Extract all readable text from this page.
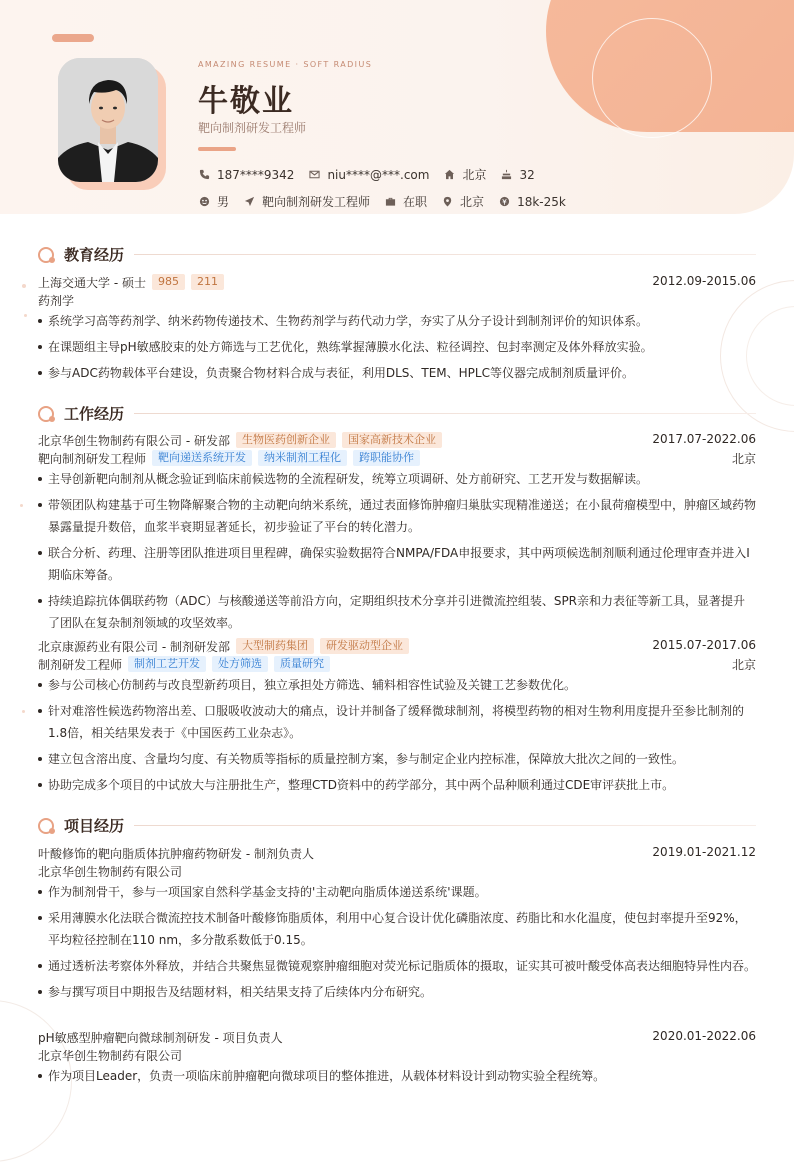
AMAZING RESUME · SOFT RADIUS
牛敬业
靶向制剂研发工程师
187****9342	niu****@***.com	北京	32
男	靶向制剂研发工程师	在职	北京	18k-25k
教育经历
上海交通大学 - 硕士	985	211	2012.09-2015.06
药剂学
系统学习高等药剂学、纳米药物传递技术、生物药剂学与药代动力学，夯实了从分子设计到制剂评价的知识体系。
在课题组主导pH敏感胶束的处方筛选与工艺优化，熟练掌握薄膜水化法、粒径调控、包封率测定及体外释放实验。
参与ADC药物载体平台建设，负责聚合物材料合成与表征，利用DLS、TEM、HPLC等仪器完成制剂质量评价。
工作经历
北京华创生物制药有限公司 - 研发部	生物医药创新企业	国家高新技术企业	2017.07-2022.06
靶向制剂研发工程师	靶向递送系统开发	纳米制剂工程化	跨职能协作	北京
主导创新靶向制剂从概念验证到临床前候选物的全流程研发，统筹立项调研、处方前研究、工艺开发与数据解读。
带领团队构建基于可生物降解聚合物的主动靶向纳米系统，通过表面修饰肿瘤归巢肽实现精准递送；在小鼠荷瘤模型中，肿瘤区域药物暴露量提升数倍，血浆半衰期显著延长，初步验证了平台的转化潜力。
联合分析、药理、注册等团队推进项目里程碑，确保实验数据符合NMPA/FDA申报要求，其中两项候选制剂顺利通过伦理审查并进入I期临床筹备。
持续追踪抗体偶联药物（ADC）与核酸递送等前沿方向，定期组织技术分享并引进微流控组装、SPR亲和力表征等新工具，显著提升了团队在复杂制剂领域的攻坚效率。
北京康源药业有限公司 - 制剂研发部	大型制药集团	研发驱动型企业	2015.07-2017.06
制剂研发工程师	制剂工艺开发	处方筛选	质量研究	北京
参与公司核心仿制药与改良型新药项目，独立承担处方筛选、辅料相容性试验及关键工艺参数优化。
针对难溶性候选药物溶出差、口服吸收波动大的痛点，设计并制备了缓释微球制剂，将模型药物的相对生物利用度提升至参比制剂的1.8倍，相关结果发表于《中国医药工业杂志》。
建立包含溶出度、含量均匀度、有关物质等指标的质量控制方案，参与制定企业内控标准，保障放大批次之间的一致性。
协助完成多个项目的中试放大与注册批生产，整理CTD资料中的药学部分，其中两个品种顺利通过CDE审评获批上市。
项目经历
叶酸修饰的靶向脂质体抗肿瘤药物研发 - 制剂负责人	2019.01-2021.12
北京华创生物制药有限公司
作为制剂骨干，参与一项国家自然科学基金支持的'主动靶向脂质体递送系统'课题。
采用薄膜水化法联合微流控技术制备叶酸修饰脂质体，利用中心复合设计优化磷脂浓度、药脂比和水化温度，使包封率提升至92%，平均粒径控制在110 nm，多分散系数低于0.15。
通过透析法考察体外释放，并结合共聚焦显微镜观察肿瘤细胞对荧光标记脂质体的摄取，证实其可被叶酸受体高表达细胞特异性内吞。
参与撰写项目中期报告及结题材料，相关结果支持了后续体内分布研究。
pH敏感型肿瘤靶向微球制剂研发 - 项目负责人	2020.01-2022.06
北京华创生物制药有限公司
作为项目Leader，负责一项临床前肿瘤靶向微球项目的整体推进，从载体材料设计到动物实验全程统筹。
